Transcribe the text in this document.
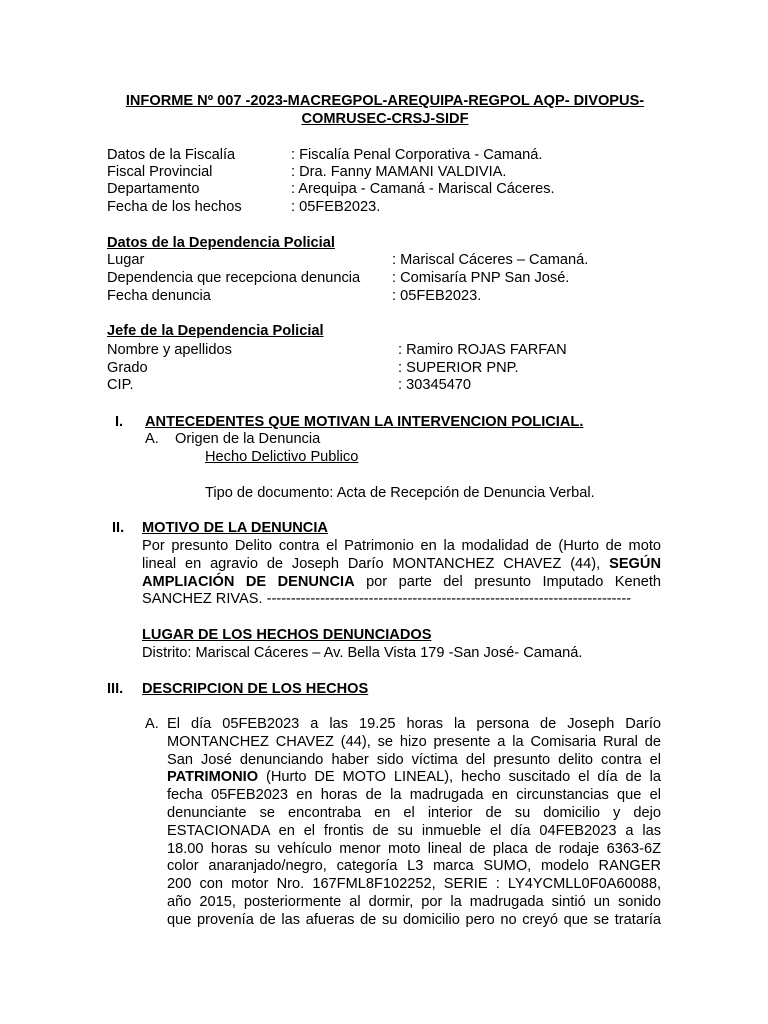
INFORME Nº 007 -2023-MACREGPOL-AREQUIPA-REGPOL AQP- DIVOPUS-
COMRUSEC-CRSJ-SIDF
Datos de la Fiscalía	: Fiscalía Penal Corporativa - Camaná.
Fiscal Provincial	: Dra. Fanny MAMANI VALDIVIA.
Departamento	: Arequipa - Camaná - Mariscal Cáceres.
Fecha de los hechos	: 05FEB2023.
Datos de la Dependencia Policial
Lugar	: Mariscal Cáceres – Camaná.
Dependencia que recepciona denuncia : Comisaría PNP San José.
Fecha denuncia	: 05FEB2023.
Jefe de la Dependencia Policial
Nombre y apellidos	: Ramiro ROJAS FARFAN
Grado	: SUPERIOR PNP.
CIP.	: 30345470
I. ANTECEDENTES QUE MOTIVAN LA INTERVENCION POLICIAL.
A. Origen de la Denuncia
Hecho Delictivo Publico
Tipo de documento: Acta de Recepción de Denuncia Verbal.
II. MOTIVO DE LA DENUNCIA
Por presunto Delito contra el Patrimonio en la modalidad de (Hurto de moto
lineal en agravio de Joseph Darío MONTANCHEZ CHAVEZ (44), SEGÚN
AMPLIACIÓN DE DENUNCIA por parte del presunto Imputado Keneth
SANCHEZ RIVAS. ---------------------------------------------------------------------------
LUGAR DE LOS HECHOS DENUNCIADOS
Distrito: Mariscal Cáceres – Av. Bella Vista 179 -San José- Camaná.
III. DESCRIPCION DE LOS HECHOS
A. El día 05FEB2023 a las 19.25 horas la persona de Joseph Darío
MONTANCHEZ CHAVEZ (44), se hizo presente a la Comisaria Rural de
San José denunciando haber sido víctima del presunto delito contra el
PATRIMONIO (Hurto DE MOTO LINEAL), hecho suscitado el día de la
fecha 05FEB2023 en horas de la madrugada en circunstancias que el
denunciante se encontraba en el interior de su domicilio y dejo
ESTACIONADA en el frontis de su inmueble el día 04FEB2023 a las
18.00 horas su vehículo menor moto lineal de placa de rodaje 6363-6Z
color anaranjado/negro, categoría L3 marca SUMO, modelo RANGER
200 con motor Nro. 167FML8F102252, SERIE : LY4YCMLL0F0A60088,
año 2015, posteriormente al dormir, por la madrugada sintió un sonido
que provenía de las afueras de su domicilio pero no creyó que se trataría
